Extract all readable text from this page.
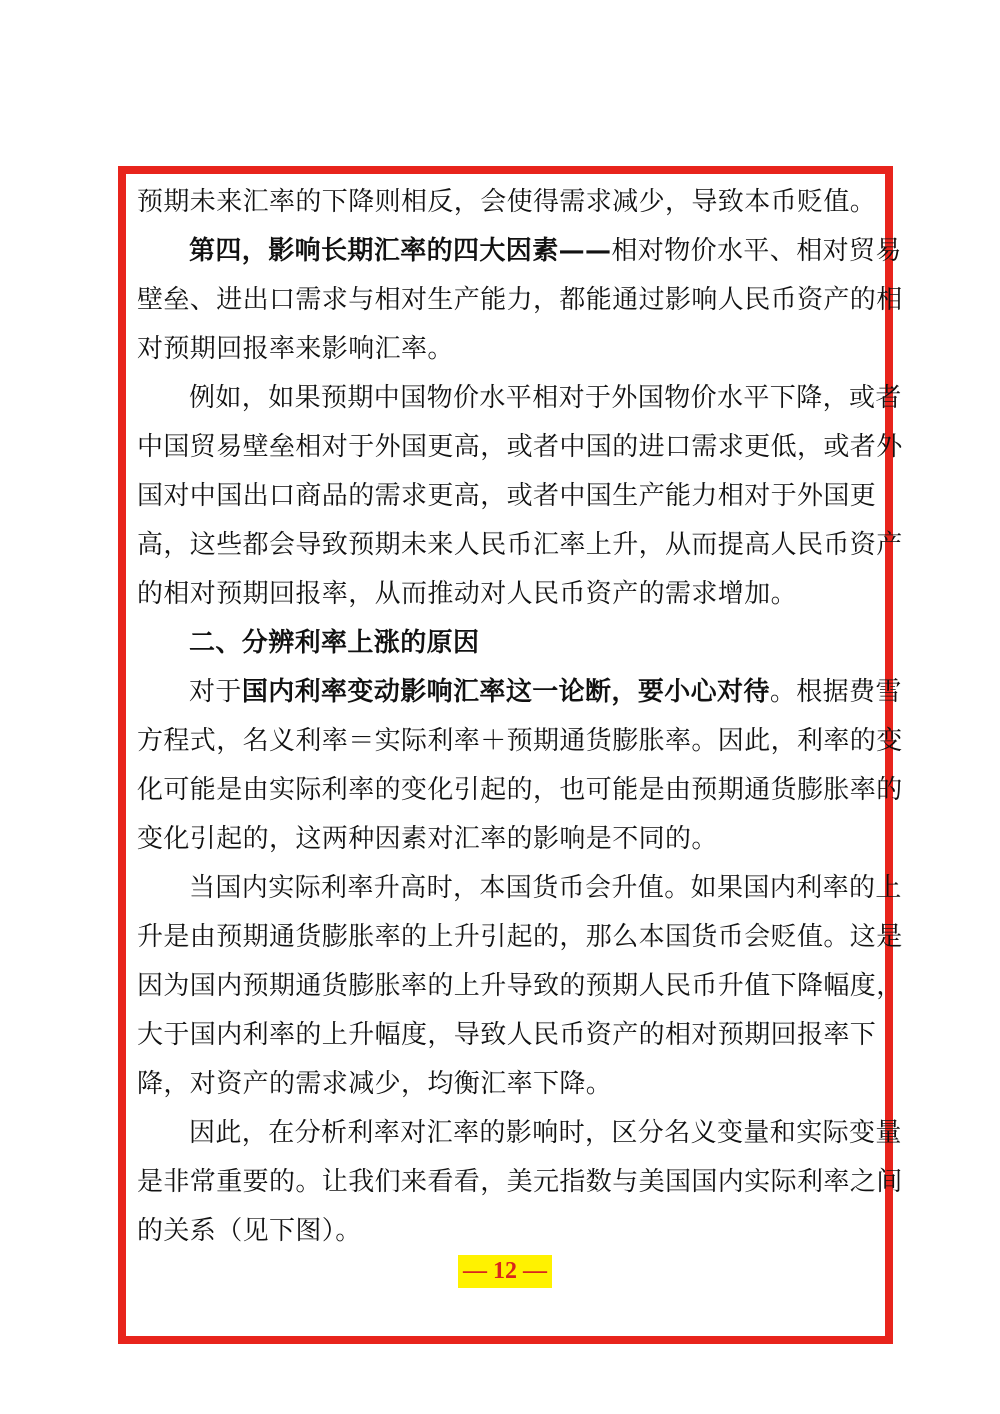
预期未来汇率的下降则相反，会使得需求减少，导致本币贬值。
第四，影响长期汇率的四大因素——相对物价水平、相对贸易
壁垒、进出口需求与相对生产能力，都能通过影响人民币资产的相
对预期回报率来影响汇率。
例如，如果预期中国物价水平相对于外国物价水平下降，或者
中国贸易壁垒相对于外国更高，或者中国的进口需求更低，或者外
国对中国出口商品的需求更高，或者中国生产能力相对于外国更
高，这些都会导致预期未来人民币汇率上升，从而提高人民币资产
的相对预期回报率，从而推动对人民币资产的需求增加。
二、分辨利率上涨的原因
对于国内利率变动影响汇率这一论断，要小心对待。根据费雪
方程式，名义利率＝实际利率＋预期通货膨胀率。因此，利率的变
化可能是由实际利率的变化引起的，也可能是由预期通货膨胀率的
变化引起的，这两种因素对汇率的影响是不同的。
当国内实际利率升高时，本国货币会升值。如果国内利率的上
升是由预期通货膨胀率的上升引起的，那么本国货币会贬值。这是
因为国内预期通货膨胀率的上升导致的预期人民币升值下降幅度，
大于国内利率的上升幅度，导致人民币资产的相对预期回报率下
降，对资产的需求减少，均衡汇率下降。
因此，在分析利率对汇率的影响时，区分名义变量和实际变量
是非常重要的。让我们来看看，美元指数与美国国内实际利率之间
的关系（见下图）。
— 12 —
